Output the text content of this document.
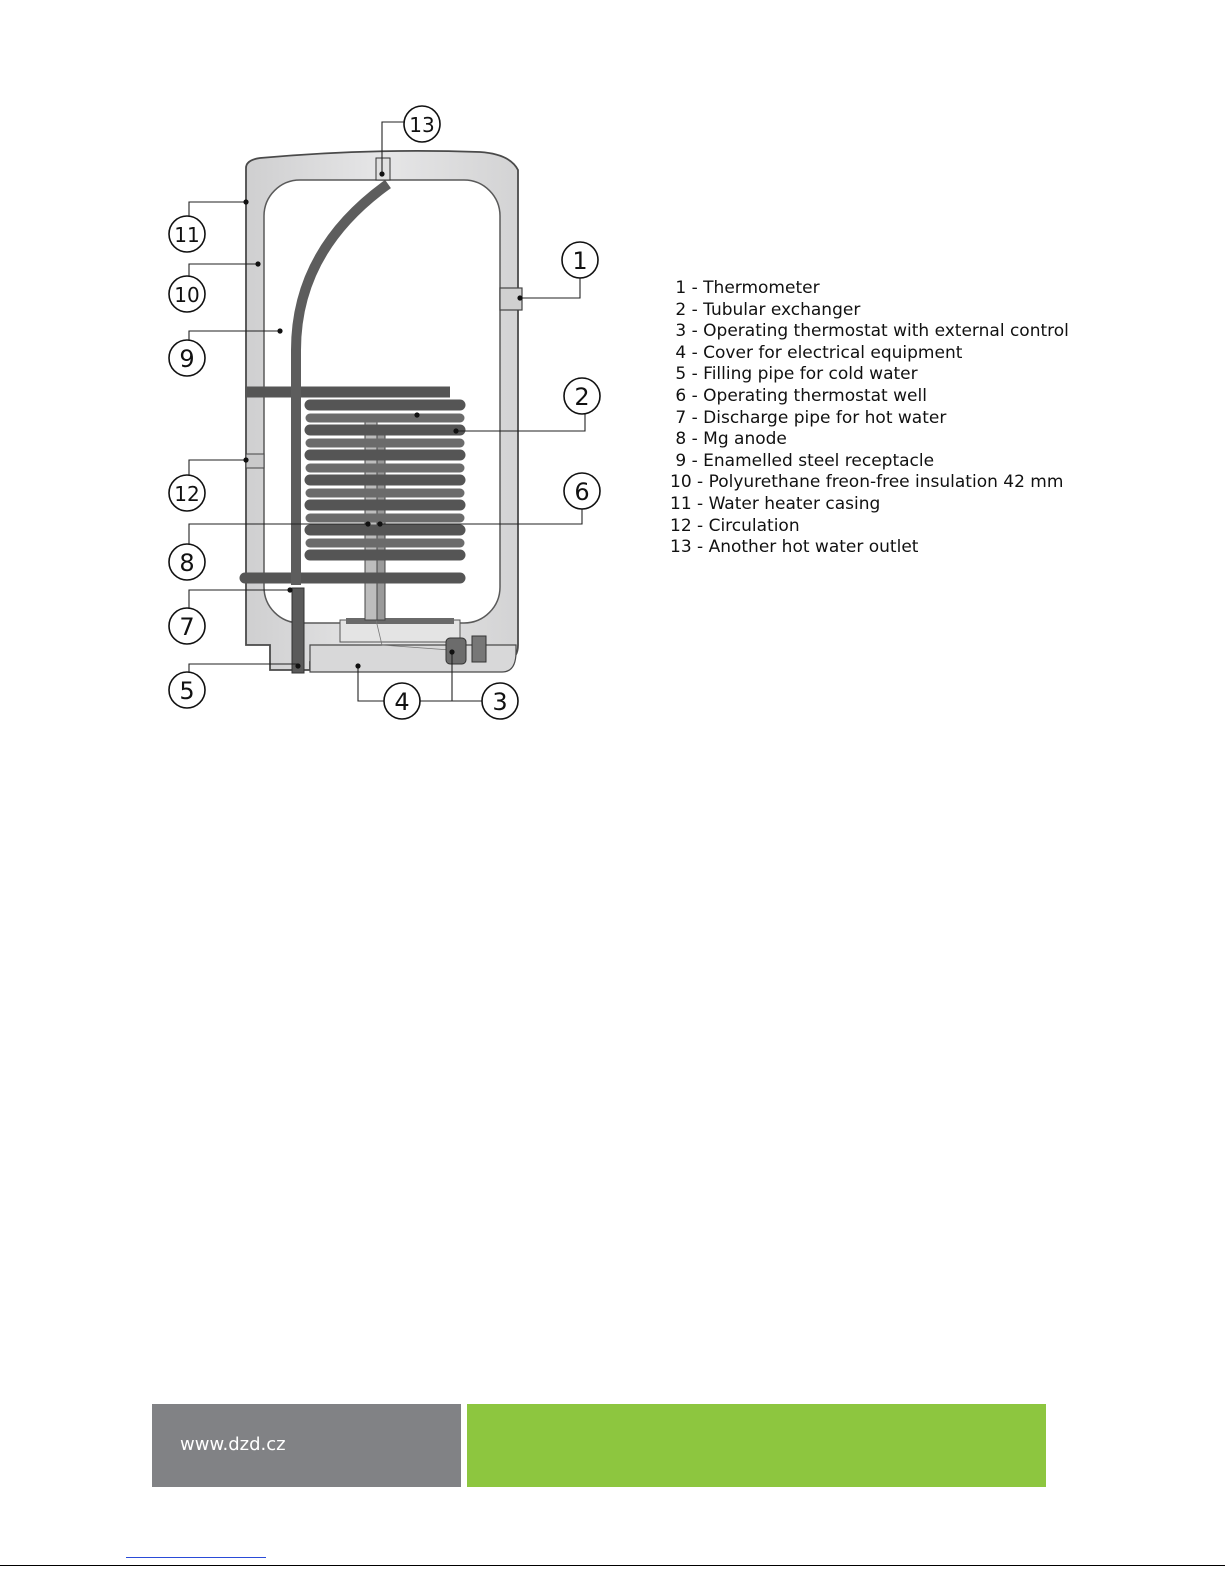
1
2
3
4
5
6
7
8
9
10
11
12
13
1 - Thermometer
2 - Tubular exchanger
3 - Operating thermostat with external control
4 - Cover for electrical equipment
5 - Filling pipe for cold water
6 - Operating thermostat well
7 - Discharge pipe for hot water
8 - Mg anode
9 - Enamelled steel receptacle
10 - Polyurethane freon-free insulation 42 mm
11 - Water heater casing
12 - Circulation
13 - Another hot water outlet
www.dzd.cz
